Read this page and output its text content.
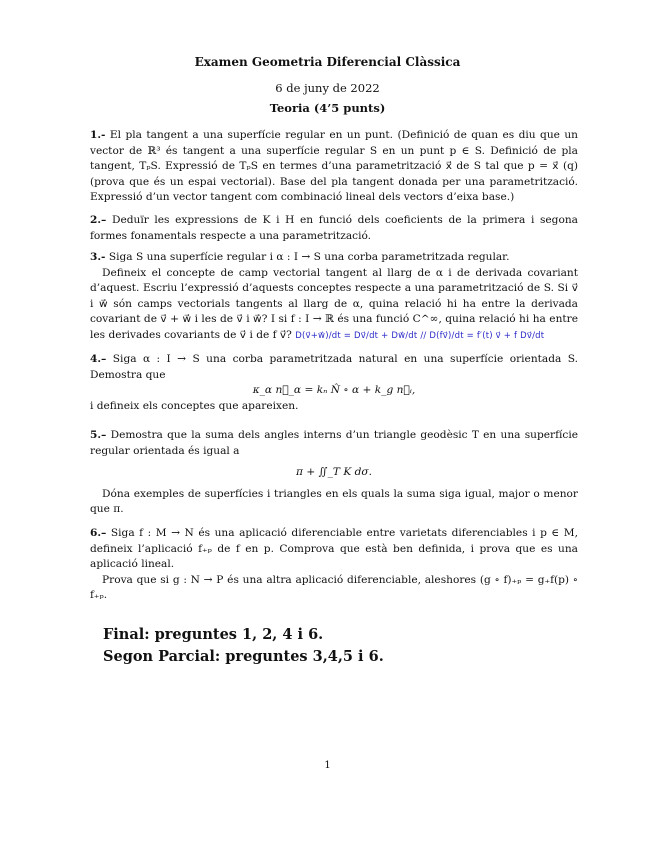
Examen Geometria Diferencial Clàssica
6 de juny de 2022
Teoria (4’5 punts)

1.- El pla tangent a una superfície regular en un punt. (Definició de quan es diu que un vector de ℝ³ és tangent a una superfície regular S en un punt p ∈ S. Definició de pla tangent, TₚS. Expressió de TₚS en termes d’una parametrització x⃗ de S tal que p = x⃗ (q) (prova que és un espai vectorial). Base del pla tangent donada per una parametrització. Expressió d’un vector tangent com combinació lineal dels vectors d’eixa base.)

2.– Deduïr les expressions de K i H en funció dels coeficients de la primera i segona formes fonamentals respecte a una parametrització.

3.- Siga S una superfície regular i α : I → S una corba parametritzada regular.

Defineix el concepte de camp vectorial tangent al llarg de α i de derivada covariant d’aquest. Escriu l’expressió d’aquests conceptes respecte a una parametrització de S. Si v⃗ i w⃗ són camps vectorials tangents al llarg de α, quina relació hi ha entre la derivada covariant de v⃗ + w⃗ i les de v⃗ i w⃗? I si f : I → ℝ és una funció C^∞, quina relació hi ha entre les derivades covariants de v⃗ i de f v⃗? D(v⃗+w⃗)/dt = Dv⃗/dt + Dw⃗/dt // D(fv⃗)/dt = f′(t) v⃗ + f Dv⃗/dt

4.– Siga α : I → S una corba parametritzada natural en una superfície orientada S. Demostra que

κ_α n⃗_α = kₙ N̂ ∘ α + k_g n⃗ᵢ,

i defineix els conceptes que apareixen.

5.– Demostra que la suma dels angles interns d’un triangle geodèsic T en una superfície regular orientada és igual a

π + ∬_T K dσ.

Dóna exemples de superfícies i triangles en els quals la suma siga igual, major o menor que π.

6.– Siga f : M → N és una aplicació diferenciable entre varietats diferenciables i p ∈ M, defineix l’aplicació f₊ₚ de f en p. Comprova que està ben definida, i prova que es una aplicació lineal.

Prova que si g : N → P és una altra aplicació diferenciable, aleshores (g ∘ f)₊ₚ = g₊f(p) ∘ f₊ₚ.

Final: preguntes 1, 2, 4 i 6.
Segon Parcial: preguntes 3,4,5 i 6.
1
